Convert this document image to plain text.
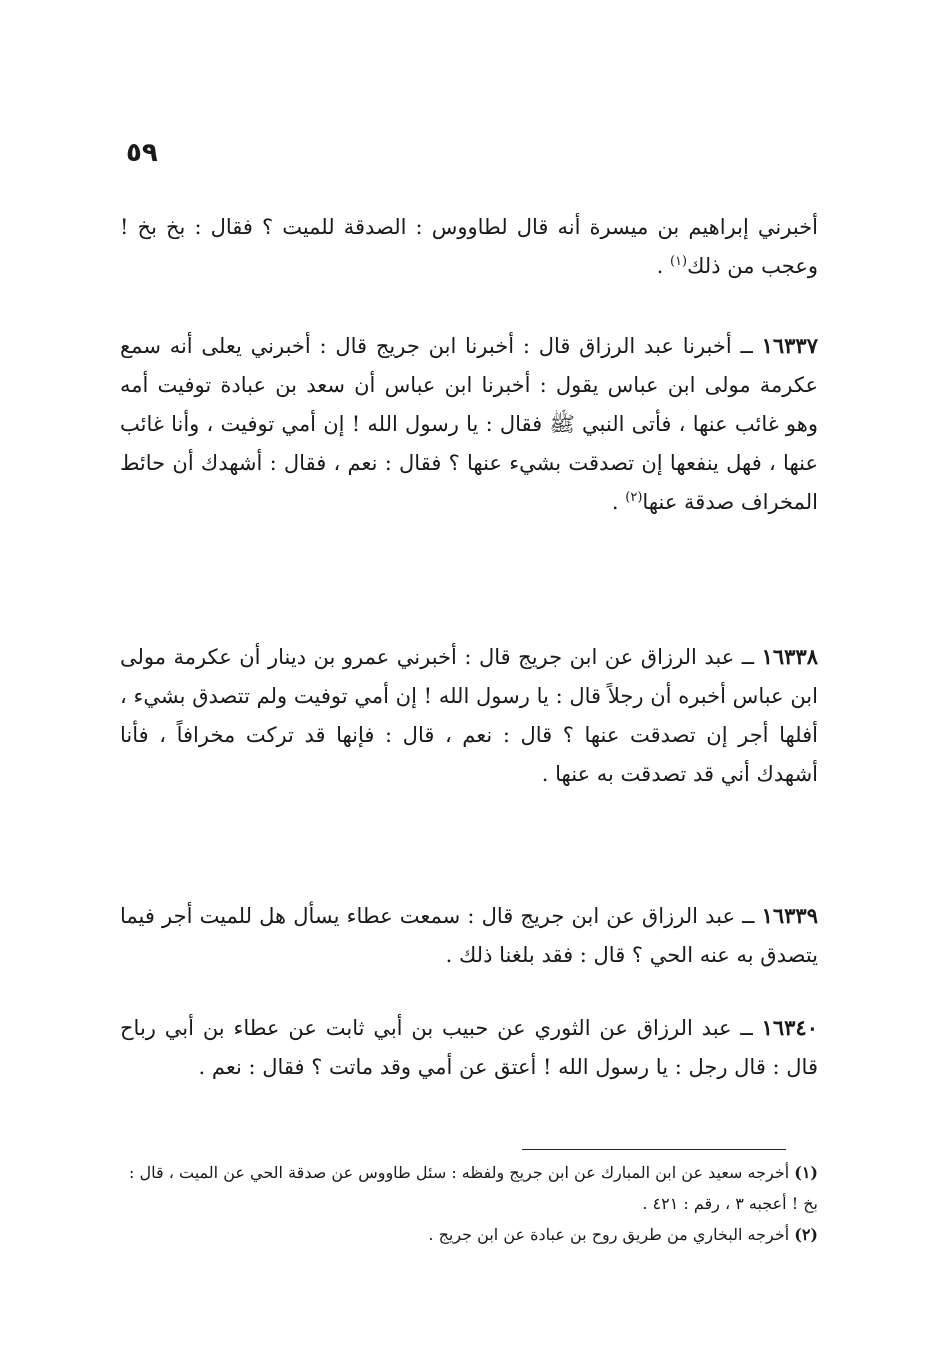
٥٩
أخبرني إبراهيم بن ميسرة أنه قال لطاووس : الصدقة للميت ؟ فقال : بخ بخ ! وعجب من ذلك$^{(١)}$ .
١٦٣٣٧ ــ أخبرنا عبد الرزاق قال : أخبرنا ابن جريج قال : أخبرني يعلى أنه سمع عكرمة مولى ابن عباس يقول : أخبرنا ابن عباس أن سعد بن عبادة توفيت أمه وهو غائب عنها ، فأتى النبي ﷺ فقال : يا رسول الله ! إن أمي توفيت ، وأنا غائب عنها ، فهل ينفعها إن تصدقت بشيء عنها ؟ فقال : نعم ، فقال : أشهدك أن حائط المخراف صدقة عنها$^{(٢)}$ .
١٦٣٣٨ ــ عبد الرزاق عن ابن جريج قال : أخبرني عمرو بن دينار أن عكرمة مولى ابن عباس أخبره أن رجلاً قال : يا رسول الله ! إن أمي توفيت ولم تتصدق بشيء ، أفلها أجر إن تصدقت عنها ؟ قال : نعم ، قال : فإنها قد تركت مخرافاً ، فأنا أشهدك أني قد تصدقت به عنها .
١٦٣٣٩ ــ عبد الرزاق عن ابن جريج قال : سمعت عطاء يسأل هل للميت أجر فيما يتصدق به عنه الحي ؟ قال : فقد بلغنا ذلك .
١٦٣٤٠ ــ عبد الرزاق عن الثوري عن حبيب بن أبي ثابت عن عطاء بن أبي رباح قال : قال رجل : يا رسول الله ! أعتق عن أمي وقد ماتت ؟ فقال : نعم .
(١) أخرجه سعيد عن ابن المبارك عن ابن جريج ولفظه : سئل طاووس عن صدقة الحي عن الميت ، قال : بخ ! أعجبه ٣ ، رقم : ٤٢١ .
(٢) أخرجه البخاري من طريق روح بن عبادة عن ابن جريج .
